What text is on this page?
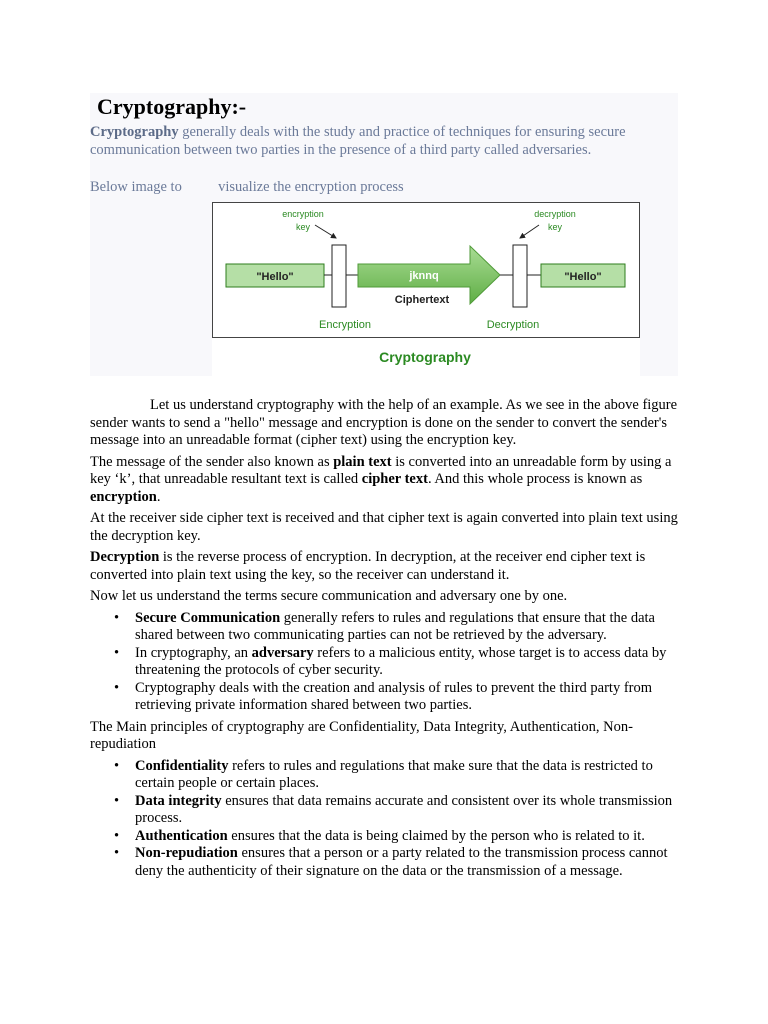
Cryptography:-

Cryptography generally deals with the study and practice of techniques for ensuring secure communication between two parties in the presence of a third party called adversaries.

Below image to          visualize the encryption process

encryption
key
decryption
key
"Hello"	jknnq
Ciphertext
"Hello"
Encryption	Decryption
Cryptography

Let us understand cryptography with the help of an example. As we see in the above figure sender wants to send a "hello" message and encryption is done on the sender to convert the sender's message into an unreadable format (cipher text) using the encryption key.

The message of the sender also known as plain text is converted into an unreadable form by using a key ‘k’, that unreadable resultant text is called cipher text. And this whole process is known as encryption.

At the receiver side cipher text is received and that cipher text is again converted into plain text using the decryption key.

Decryption is the reverse process of encryption. In decryption, at the receiver end cipher text is converted into plain text using the key, so the receiver can understand it.

Now let us understand the terms secure communication and adversary one by one.

• Secure Communication generally refers to rules and regulations that ensure that the data shared between two communicating parties can not be retrieved by the adversary.
• In cryptography, an adversary refers to a malicious entity, whose target is to access data by threatening the protocols of cyber security.
• Cryptography deals with the creation and analysis of rules to prevent the third party from retrieving private information shared between two parties.

The Main principles of cryptography are Confidentiality, Data Integrity, Authentication, Non-repudiation

• Confidentiality refers to rules and regulations that make sure that the data is restricted to certain people or certain places.
• Data integrity ensures that data remains accurate and consistent over its whole transmission process.
• Authentication ensures that the data is being claimed by the person who is related to it.
• Non-repudiation ensures that a person or a party related to the transmission process cannot deny the authenticity of their signature on the data or the transmission of a message.
